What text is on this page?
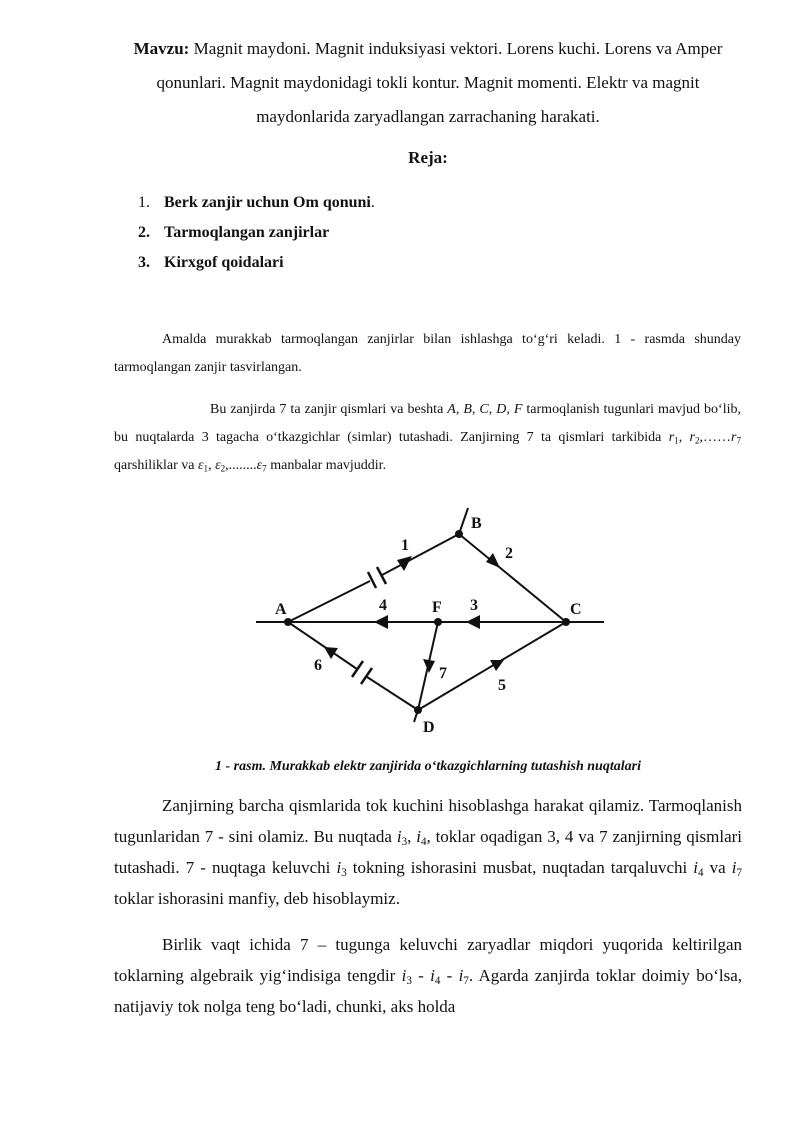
Mavzu: Magnit maydoni. Magnit induksiyasi vektori. Lorens kuchi. Lorens va Amper qonunlari. Magnit maydonidagi tokli kontur. Magnit momenti. Elektr va magnit maydonlarida zaryadlangan zarrachaning harakati.

Reja:

1. Berk zanjir uchun Om qonuni.
2. Tarmoqlangan zanjirlar
3. Kirxgof qoidalari

Amalda murakkab tarmoqlangan zanjirlar bilan ishlashga to‘g‘ri keladi. 1 - rasmda shunday tarmoqlangan zanjir tasvirlangan.

Bu zanjirda 7 ta zanjir qismlari va beshta A, B, C, D, F tarmoqlanish tugunlari mavjud bo‘lib, bu nuqtalarda 3 tagacha o‘tkazgichlar (simlar) tutashadi. Zanjirning 7 ta qismlari tarkibida $r_1$, $r_2,\dots\dots r_7$ qarshiliklar va $\varepsilon_1$, $\varepsilon_2,........\varepsilon_7$ manbalar mavjuddir.

A
B
C
D
F
1	2
3
4
5
6	7

1 - rasm. Murakkab elektr zanjirida o‘tkazgichlarning tutashish nuqtalari

Zanjirning barcha qismlarida tok kuchini hisoblashga harakat qilamiz. Tarmoqlanish tugunlaridan 7 - sini olamiz. Bu nuqtada $i_3$, $i_4$, toklar oqadigan 3, 4 va 7 zanjirning qismlari tutashadi. 7 - nuqtaga keluvchi $i_3$ tokning ishorasini musbat, nuqtadan tarqaluvchi $i_4$ va $i_7$ toklar ishorasini manfiy, deb hisoblaymiz.

Birlik vaqt ichida 7 – tugunga keluvchi zaryadlar miqdori yuqorida keltirilgan toklarning algebraik yig‘indisiga tengdir $i_3 - i_4 - i_7$. Agarda zanjirda toklar doimiy bo‘lsa, natijaviy tok nolga teng bo‘ladi, chunki, aks holda
